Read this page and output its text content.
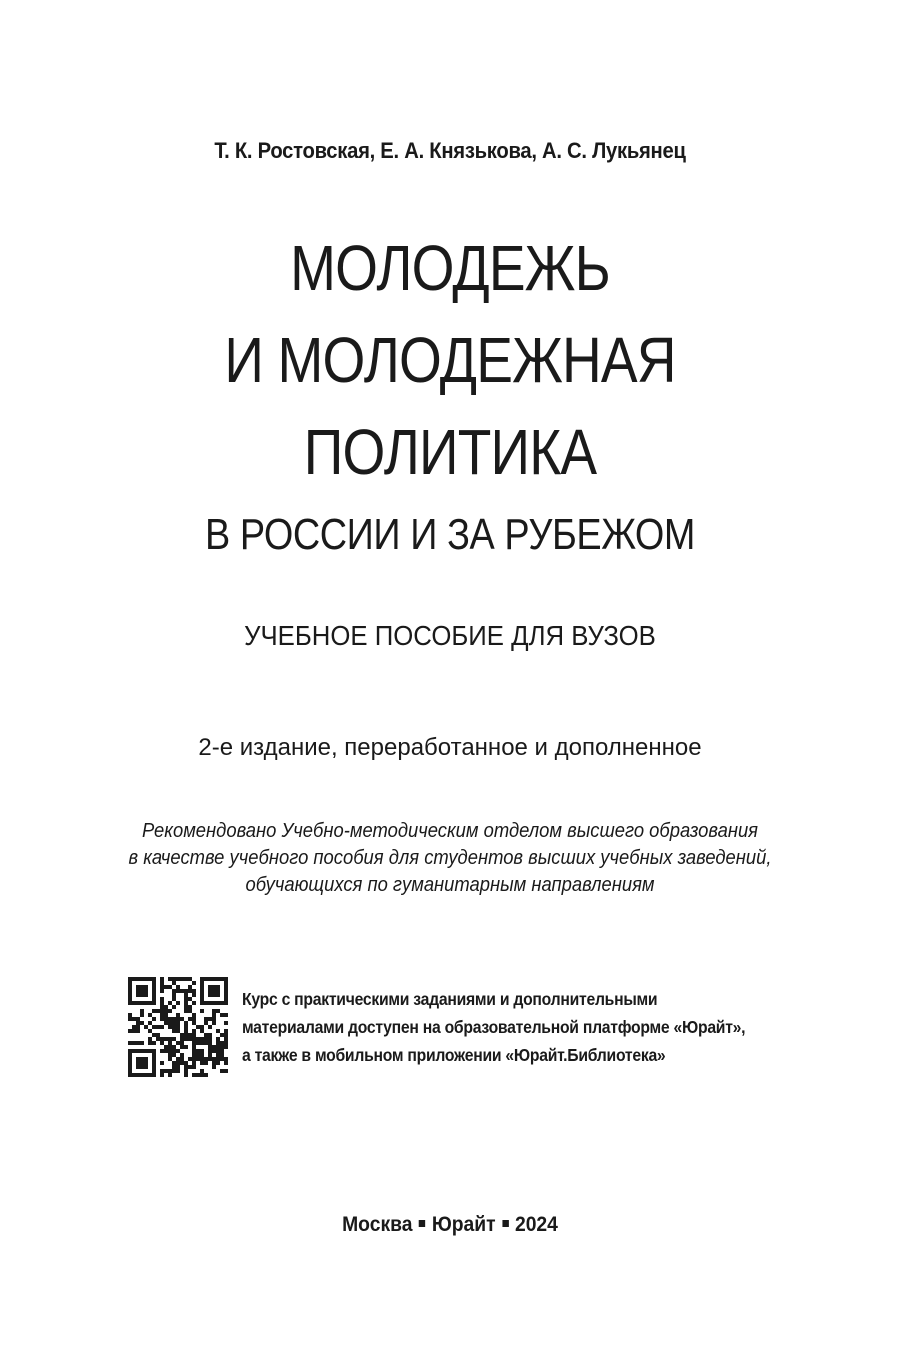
Т. К. Ростовская, Е. А. Князькова, А. С. Лукьянец
МОЛОДЕЖЬ
И МОЛОДЕЖНАЯ
ПОЛИТИКА
В РОССИИ И ЗА РУБЕЖОМ
УЧЕБНОЕ ПОСОБИЕ ДЛЯ ВУЗОВ
2-е издание, переработанное и дополненное
Рекомендовано Учебно-методическим отделом высшего образования
в качестве учебного пособия для студентов высших учебных заведений,
обучающихся по гуманитарным направлениям
Курс с практическими заданиями и дополнительными
материалами доступен на образовательной платформе «Юрайт»,
а также в мобильном приложении «Юрайт.Библиотека»
Москва Юрайт 2024
